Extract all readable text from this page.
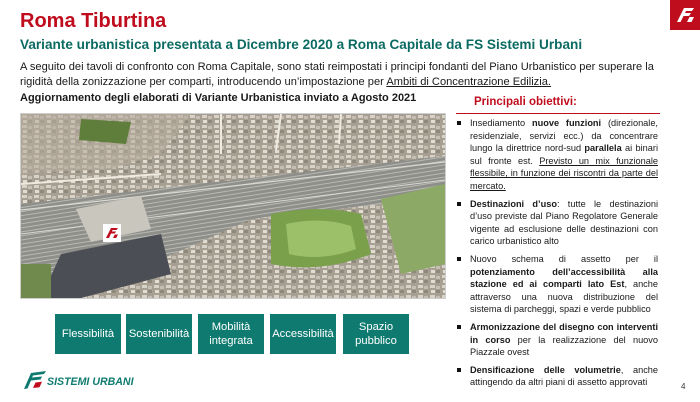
Roma Tiburtina
Variante urbanistica presentata a Dicembre 2020 a Roma Capitale da FS Sistemi Urbani
A seguito dei tavoli di confronto con Roma Capitale, sono stati reimpostati i principi fondanti del Piano Urbanistico per superare la rigidità della zonizzazione per comparti, introducendo un’impostazione per Ambiti di Concentrazione Edilizia.
Aggiornamento degli elaborati di Variante Urbanistica inviato a Agosto 2021
Flessibilità	Sostenibilità
Mobilità integrata
Accessibilità
Spazio pubblico
Principali obiettivi:
Insediamento nuove funzioni (direzionale, residenziale, servizi ecc.) da concentrare lungo la direttrice nord-sud parallela ai binari sul fronte est. Previsto un mix funzionale flessibile, in funzione dei riscontri da parte del mercato.
Destinazioni d’uso: tutte le destinazioni d’uso previste dal Piano Regolatore Generale vigente ad esclusione delle destinazioni con carico urbanistico alto
Nuovo schema di assetto per il potenziamento dell’accessibilità alla stazione ed ai comparti lato Est, anche attraverso una nuova distribuzione del sistema di parcheggi, spazi e verde pubblico
Armonizzazione del disegno con interventi in corso per la realizzazione del nuovo Piazzale ovest
Densificazione delle volumetrie, anche attingendo da altri piani di assetto approvati
SISTEMI URBANI	4
